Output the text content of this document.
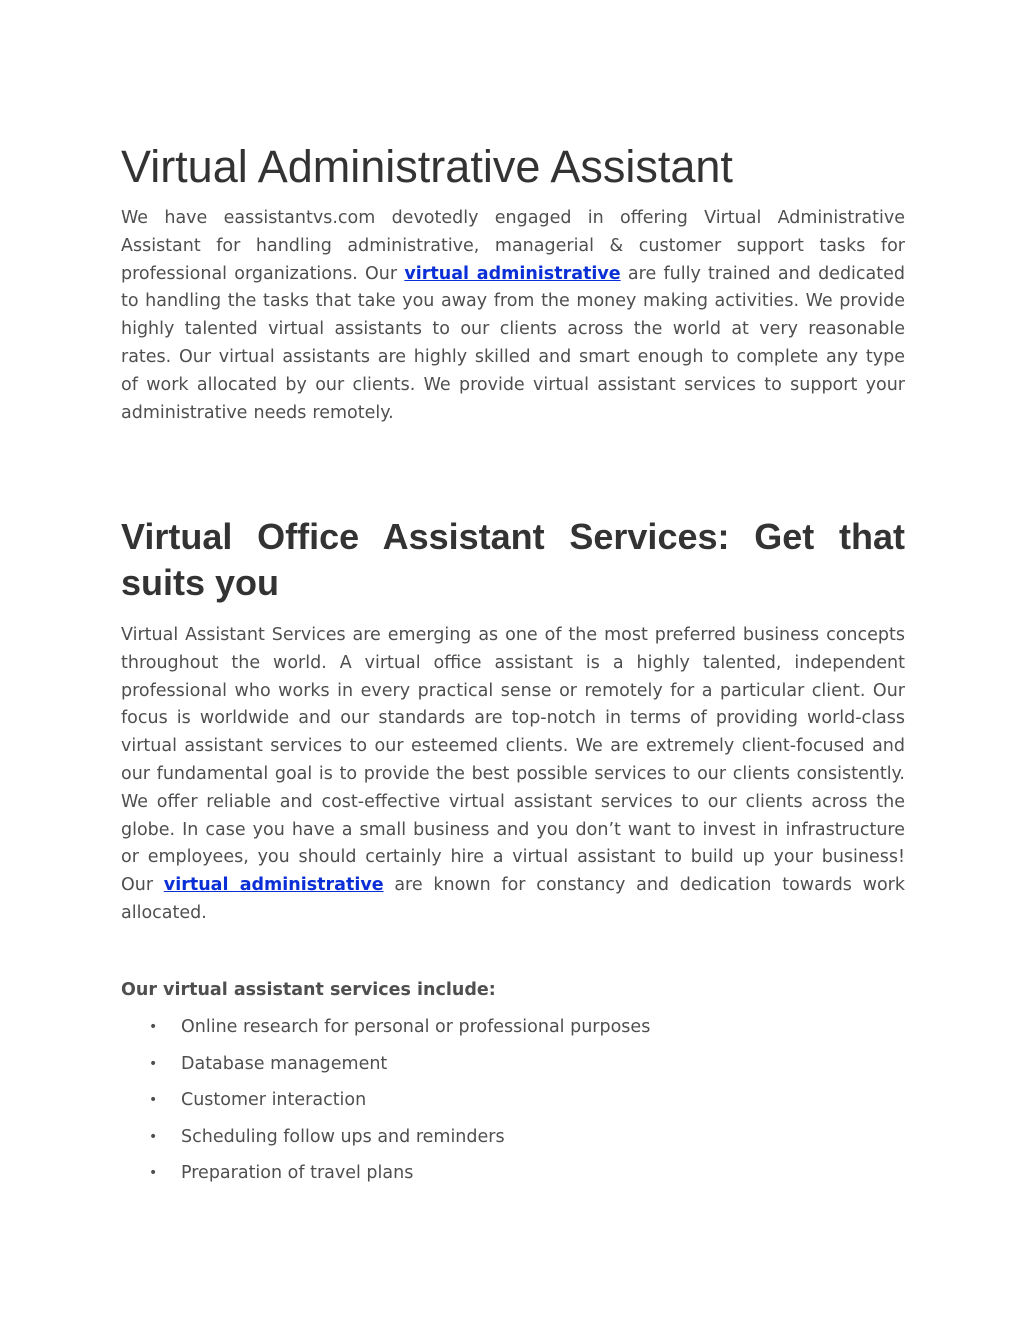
Virtual Administrative Assistant

We have eassistantvs.com devotedly engaged in offering Virtual Administrative Assistant for handling administrative, managerial & customer support tasks for professional organizations. Our virtual administrative are fully trained and dedicated to handling the tasks that take you away from the money making activities. We provide highly talented virtual assistants to our clients across the world at very reasonable rates. Our virtual assistants are highly skilled and smart enough to complete any type of work allocated by our clients. We provide virtual assistant services to support your administrative needs remotely.

Virtual Office Assistant Services: Get that suits you

Virtual Assistant Services are emerging as one of the most preferred business concepts throughout the world. A virtual office assistant is a highly talented, independent professional who works in every practical sense or remotely for a particular client. Our focus is worldwide and our standards are top-notch in terms of providing world-class virtual assistant services to our esteemed clients. We are extremely client-focused and our fundamental goal is to provide the best possible services to our clients consistently. We offer reliable and cost-effective virtual assistant services to our clients across the globe. In case you have a small business and you don’t want to invest in infrastructure or employees, you should certainly hire a virtual assistant to build up your business! Our virtual administrative are known for constancy and dedication towards work allocated.

Our virtual assistant services include:

• Online research for personal or professional purposes
• Database management
• Customer interaction
• Scheduling follow ups and reminders
• Preparation of travel plans
